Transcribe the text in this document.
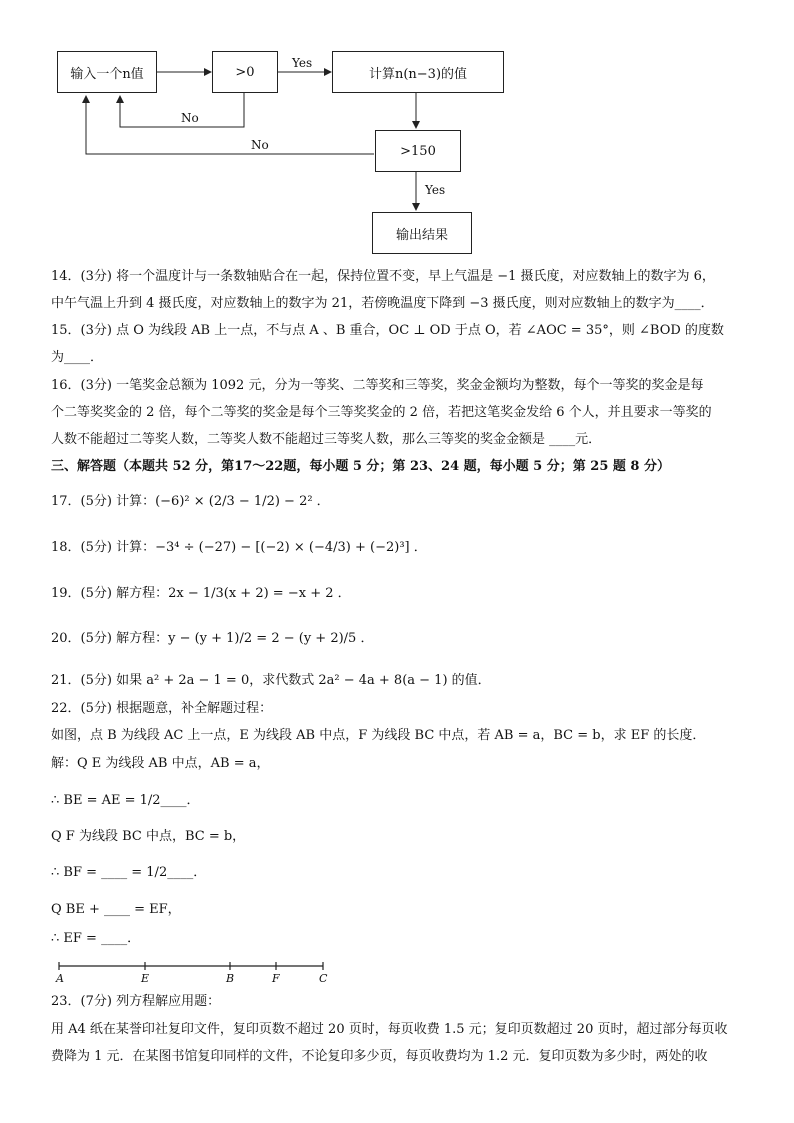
输入一个n值	>0	计算n(n−3)的值
>150
输出结果
Yes
No
No
Yes
14．(3分) 将一个温度计与一条数轴贴合在一起，保持位置不变，早上气温是 −1 摄氏度，对应数轴上的数字为 6，
中午气温上升到 4 摄氏度，对应数轴上的数字为 21，若傍晚温度下降到 −3 摄氏度，则对应数轴上的数字为____．
15．(3分) 点 O 为线段 AB 上一点，不与点 A 、B 重合，OC ⊥ OD 于点 O，若 ∠AOC = 35°，则 ∠BOD 的度数
为____．
16．(3分) 一笔奖金总额为 1092 元，分为一等奖、二等奖和三等奖，奖金金额均为整数，每个一等奖的奖金是每
个二等奖奖金的 2 倍，每个二等奖的奖金是每个三等奖奖金的 2 倍，若把这笔奖金发给 6 个人，并且要求一等奖的
人数不能超过二等奖人数，二等奖人数不能超过三等奖人数，那么三等奖的奖金金额是 ____元．
三、解答题（本题共 52 分，第17～22题，每小题 5 分；第 23、24 题，每小题 5 分；第 25 题 8 分）
17．(5分) 计算：(−6)² × (2/3 − 1/2) − 2² ．
18．(5分) 计算：−3⁴ ÷ (−27) − [(−2) × (−4/3) + (−2)³] ．
19．(5分) 解方程：2x − 1/3(x + 2) = −x + 2 ．
20．(5分) 解方程：y − (y + 1)/2 = 2 − (y + 2)/5 ．
21．(5分) 如果 a² + 2a − 1 = 0，求代数式 2a² − 4a + 8(a − 1) 的值．
22．(5分) 根据题意，补全解题过程：
如图，点 B 为线段 AC 上一点，E 为线段 AB 中点，F 为线段 BC 中点，若 AB = a，BC = b，求 EF 的长度．
解：Q E 为线段 AB 中点，AB = a，
∴ BE = AE = 1/2____．
Q F 为线段 BC 中点，BC = b，
∴ BF = ____ = 1/2____．
Q BE + ____ = EF，
∴ EF = ____．
A	E	B	F	C
23．(7分) 列方程解应用题：
用 A4 纸在某誉印社复印文件，复印页数不超过 20 页时，每页收费 1.5 元；复印页数超过 20 页时，超过部分每页收
费降为 1 元．在某图书馆复印同样的文件，不论复印多少页，每页收费均为 1.2 元．复印页数为多少时，两处的收
